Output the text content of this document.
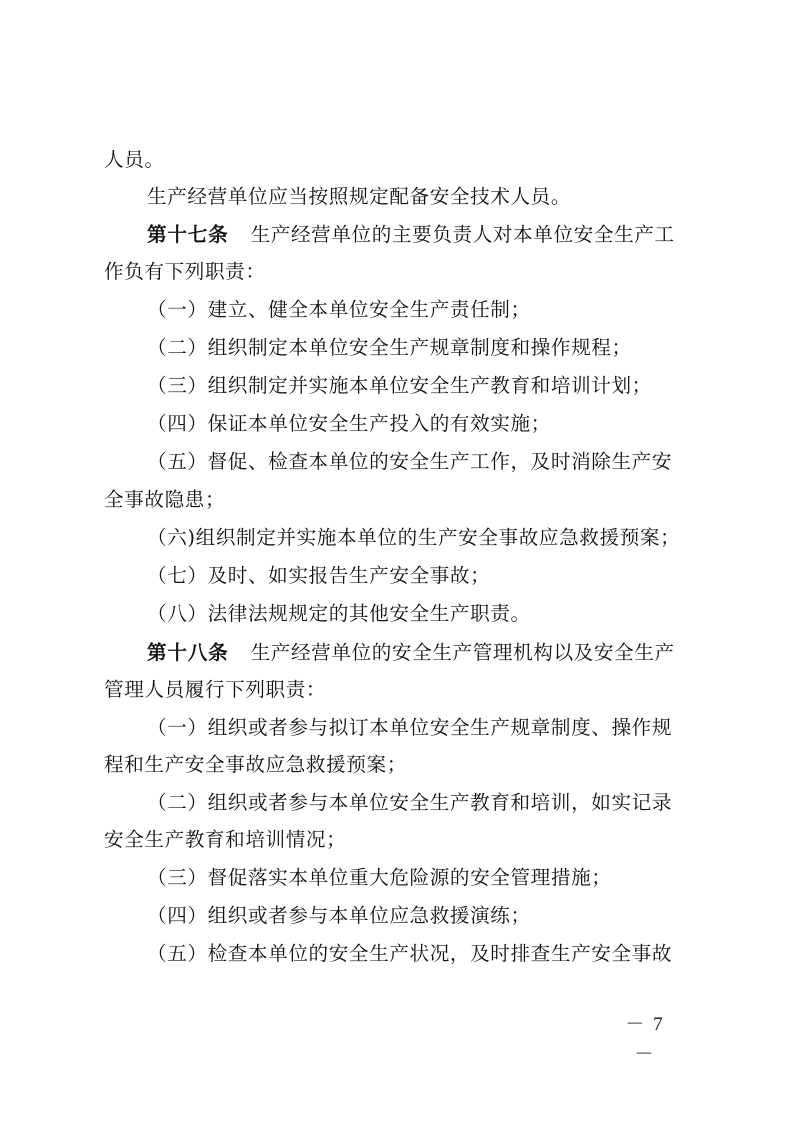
人员。
生产经营单位应当按照规定配备安全技术人员。
第十七条 生产经营单位的主要负责人对本单位安全生产工
作负有下列职责：
（一）建立、健全本单位安全生产责任制；
（二）组织制定本单位安全生产规章制度和操作规程；
（三）组织制定并实施本单位安全生产教育和培训计划；
（四）保证本单位安全生产投入的有效实施；
（五）督促、检查本单位的安全生产工作，及时消除生产安
全事故隐患；
（六)组织制定并实施本单位的生产安全事故应急救援预案；
（七）及时、如实报告生产安全事故；
（八）法律法规规定的其他安全生产职责。
第十八条 生产经营单位的安全生产管理机构以及安全生产
管理人员履行下列职责：
（一）组织或者参与拟订本单位安全生产规章制度、操作规
程和生产安全事故应急救援预案；
（二）组织或者参与本单位安全生产教育和培训，如实记录
安全生产教育和培训情况；
（三）督促落实本单位重大危险源的安全管理措施；
（四）组织或者参与本单位应急救援演练；
（五）检查本单位的安全生产状况，及时排查生产安全事故
－ 7 －
